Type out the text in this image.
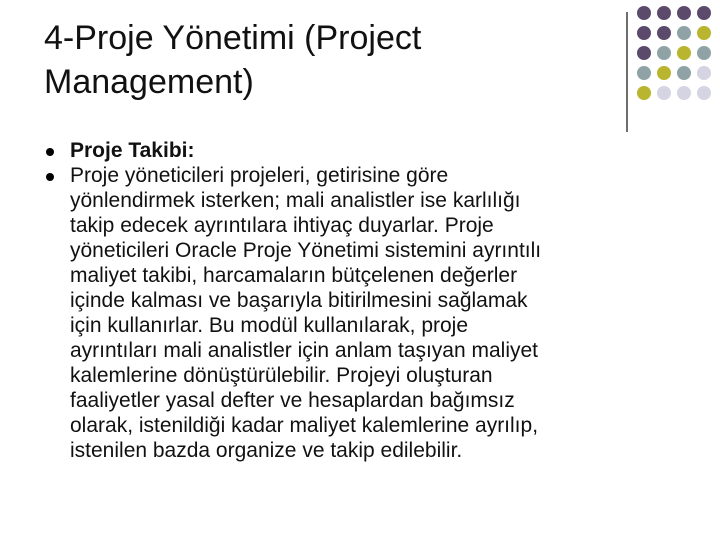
4-Proje Yönetimi (Project
Management)
Proje Takibi:
Proje yöneticileri projeleri, getirisine göre
yönlendirmek isterken; mali analistler ise karlılığı
takip edecek ayrıntılara ihtiyaç duyarlar. Proje
yöneticileri Oracle Proje Yönetimi sistemini ayrıntılı
maliyet takibi, harcamaların bütçelenen değerler
içinde kalması ve başarıyla bitirilmesini sağlamak
için kullanırlar. Bu modül kullanılarak, proje
ayrıntıları mali analistler için anlam taşıyan maliyet
kalemlerine dönüştürülebilir. Projeyi oluşturan
faaliyetler yasal defter ve hesaplardan bağımsız
olarak, istenildiği kadar maliyet kalemlerine ayrılıp,
istenilen bazda organize ve takip edilebilir.
